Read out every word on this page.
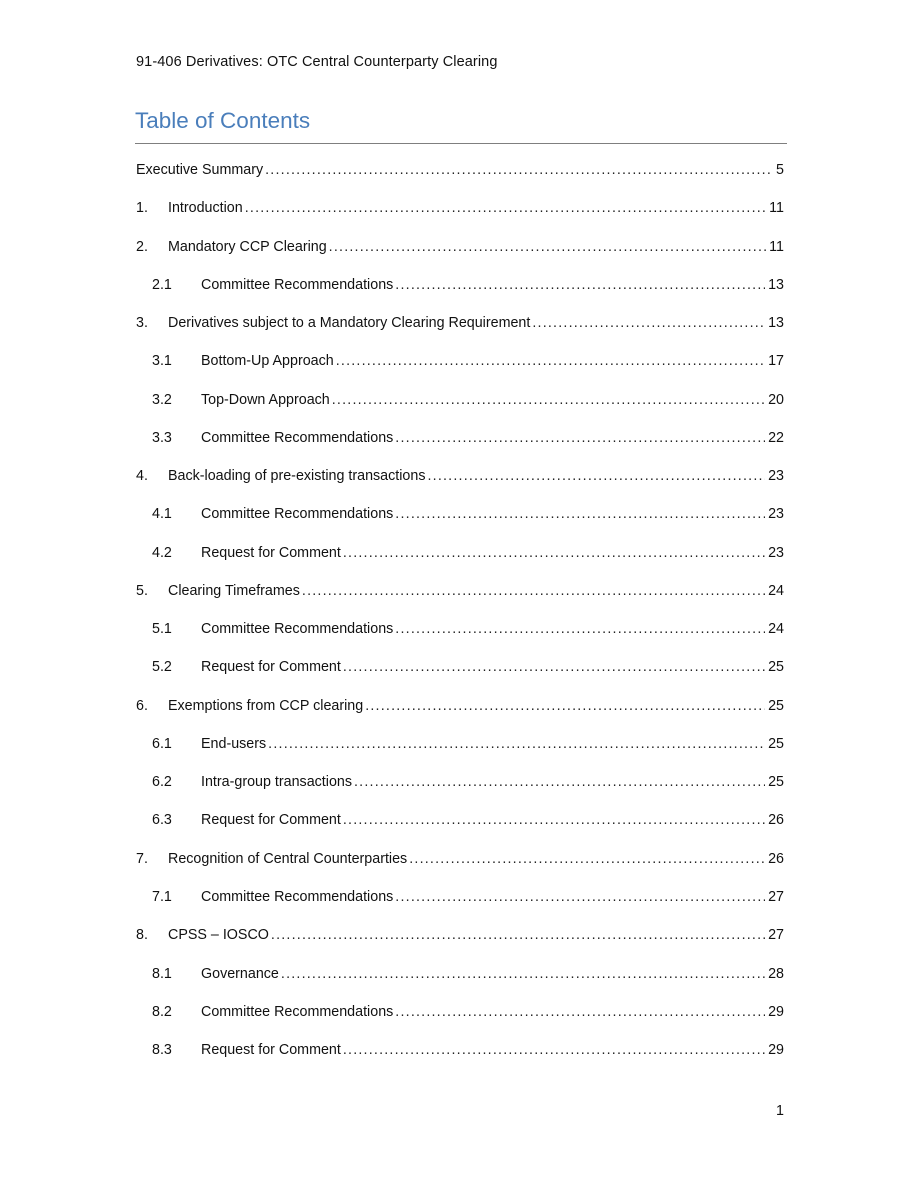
91-406 Derivatives: OTC Central Counterparty Clearing
Table of Contents
Executive Summary .....	5
1.	Introduction .....	11
2.	Mandatory CCP Clearing .....	11
2.1	Committee Recommendations .....	13
3.	Derivatives subject to a Mandatory Clearing Requirement .....	13
3.1	Bottom-Up Approach .....	17
3.2	Top-Down Approach .....	20
3.3	Committee Recommendations .....	22
4.	Back-loading of pre-existing transactions .....	23
4.1	Committee Recommendations .....	23
4.2	Request for Comment .....	23
5.	Clearing Timeframes .....	24
5.1	Committee Recommendations .....	24
5.2	Request for Comment .....	25
6.	Exemptions from CCP clearing .....	25
6.1	End-users .....	25
6.2	Intra-group transactions .....	25
6.3	Request for Comment .....	26
7.	Recognition of Central Counterparties .....	26
7.1	Committee Recommendations .....	27
8.	CPSS – IOSCO .....	27
8.1	Governance .....	28
8.2	Committee Recommendations .....	29
8.3	Request for Comment .....	29
1
